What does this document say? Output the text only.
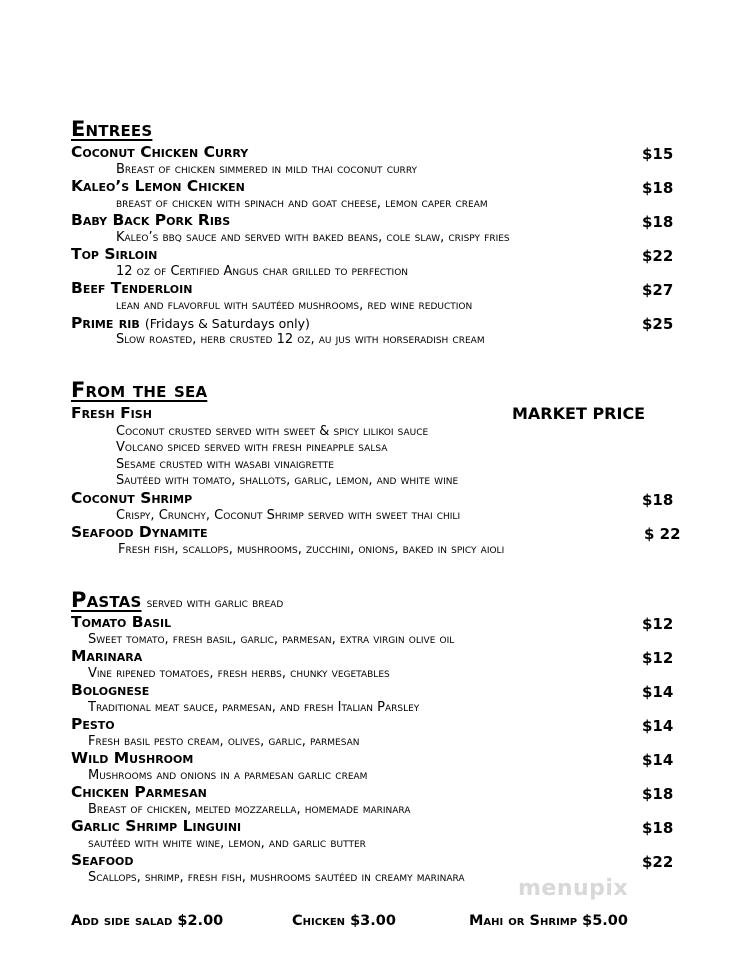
Entrees
Coconut Chicken Curry	$15
Breast of chicken simmered in mild thai coconut curry
Kaleo’s Lemon Chicken	$18
breast of chicken with spinach and goat cheese, lemon caper cream
Baby Back Pork Ribs	$18
Kaleo’s bbq sauce and served with baked beans, cole slaw, crispy fries
Top Sirloin	$22
12 oz of Certified Angus char grilled to perfection
Beef Tenderloin	$27
lean and flavorful with sautéed mushrooms, red wine reduction
Prime rib (Fridays & Saturdays only)	$25
Slow roasted, herb crusted 12 oz, au jus with horseradish cream
From the sea
Fresh Fish	MARKET PRICE
Coconut crusted served with sweet & spicy lilikoi sauce
Volcano spiced served with fresh pineapple salsa
Sesame crusted with wasabi vinaigrette
Sautéed with tomato, shallots, garlic, lemon, and white wine
Coconut Shrimp	$18
Crispy, Crunchy, Coconut Shrimp served with sweet thai chili
Seafood Dynamite	$ 22
Fresh fish, scallops, mushrooms, zucchini, onions, baked in spicy aioli
Pastas served with garlic bread
Tomato Basil	$12
Sweet tomato, fresh basil, garlic, parmesan, extra virgin olive oil
Marinara	$12
Vine ripened tomatoes, fresh herbs, chunky vegetables
Bolognese	$14
Traditional meat sauce, parmesan, and fresh Italian Parsley
Pesto	$14
Fresh basil pesto cream, olives, garlic, parmesan
Wild Mushroom	$14
Mushrooms and onions in a parmesan garlic cream
Chicken Parmesan	$18
Breast of chicken, melted mozzarella, homemade marinara
Garlic Shrimp Linguini	$18
sautéed with white wine, lemon, and garlic butter
Seafood	$22
Scallops, shrimp, fresh fish, mushrooms sautéed in creamy marinara menupix
Add side salad $2.00	Chicken $3.00	Mahi or Shrimp $5.00
